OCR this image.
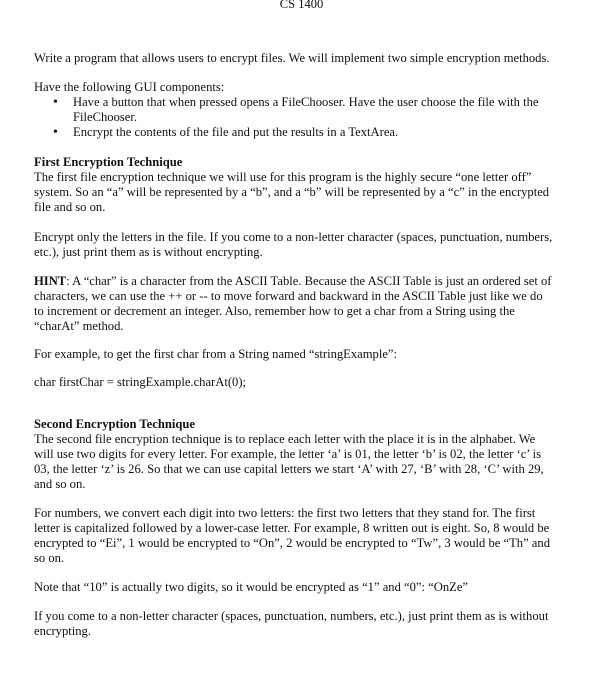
CS 1400

Write a program that allows users to encrypt files. We will implement two simple encryption methods.

Have the following GUI components:

• Have a button that when pressed opens a FileChooser. Have the user choose the file with the FileChooser.
• Encrypt the contents of the file and put the results in a TextArea.

First Encryption Technique

The first file encryption technique we will use for this program is the highly secure “one letter off” system. So an “a” will be represented by a “b”, and a “b” will be represented by a “c” in the encrypted file and so on.

Encrypt only the letters in the file. If you come to a non-letter character (spaces, punctuation, numbers, etc.), just print them as is without encrypting.

HINT: A “char” is a character from the ASCII Table. Because the ASCII Table is just an ordered set of characters, we can use the ++ or -- to move forward and backward in the ASCII Table just like we do to increment or decrement an integer. Also, remember how to get a char from a String using the “charAt” method.

For example, to get the first char from a String named “stringExample”:

char firstChar = stringExample.charAt(0);

Second Encryption Technique

The second file encryption technique is to replace each letter with the place it is in the alphabet. We will use two digits for every letter. For example, the letter ‘a’ is 01, the letter ‘b’ is 02, the letter ‘c’ is 03, the letter ‘z’ is 26. So that we can use capital letters we start ‘A’ with 27, ‘B’ with 28, ‘C’ with 29, and so on.

For numbers, we convert each digit into two letters: the first two letters that they stand for. The first letter is capitalized followed by a lower-case letter. For example, 8 written out is eight. So, 8 would be encrypted to “Ei”, 1 would be encrypted to “On”, 2 would be encrypted to “Tw”, 3 would be “Th” and so on.

Note that “10” is actually two digits, so it would be encrypted as “1” and “0”: “OnZe”

If you come to a non-letter character (spaces, punctuation, numbers, etc.), just print them as is without encrypting.
